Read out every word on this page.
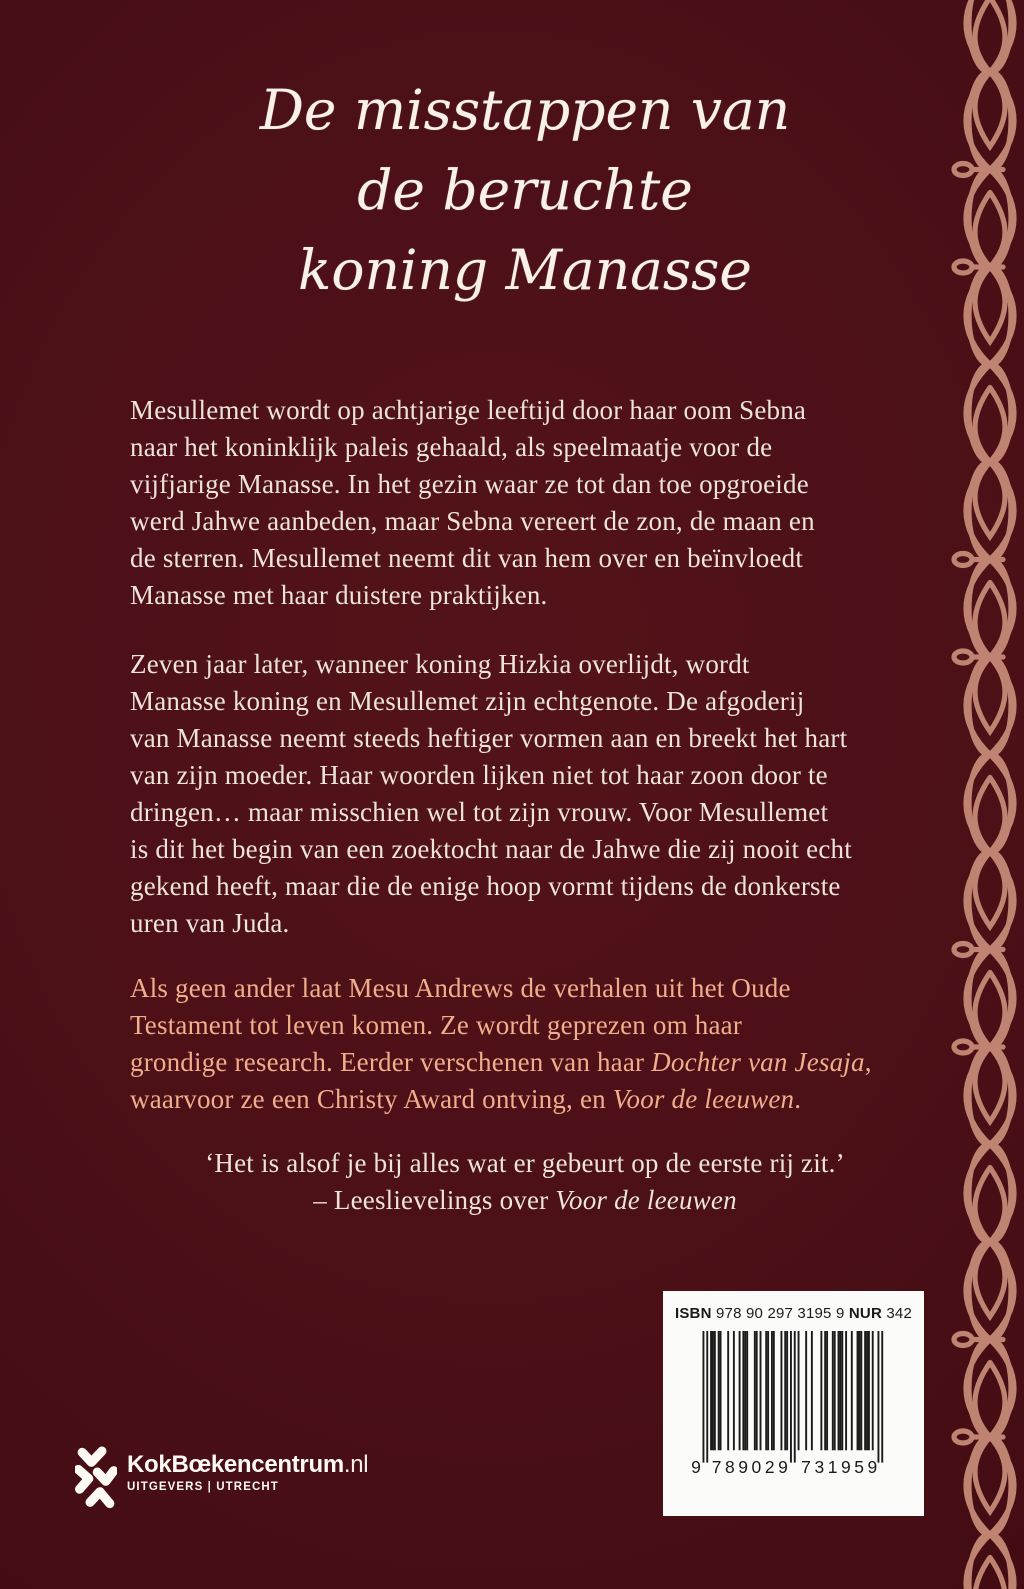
De misstappen van
de beruchte
koning Manasse
Mesullemet wordt op achtjarige leeftijd door haar oom Sebna
naar het koninklijk paleis gehaald, als speelmaatje voor de
vijfjarige Manasse. In het gezin waar ze tot dan toe opgroeide
werd Jahwe aanbeden, maar Sebna vereert de zon, de maan en
de sterren. Mesullemet neemt dit van hem over en beïnvloedt
Manasse met haar duistere praktijken.
Zeven jaar later, wanneer koning Hizkia overlijdt, wordt
Manasse koning en Mesullemet zijn echtgenote. De afgoderij
van Manasse neemt steeds heftiger vormen aan en breekt het hart
van zijn moeder. Haar woorden lijken niet tot haar zoon door te
dringen… maar misschien wel tot zijn vrouw. Voor Mesullemet
is dit het begin van een zoektocht naar de Jahwe die zij nooit echt
gekend heeft, maar die de enige hoop vormt tijdens de donkerste
uren van Juda.
Als geen ander laat Mesu Andrews de verhalen uit het Oude
Testament tot leven komen. Ze wordt geprezen om haar
grondige research. Eerder verschenen van haar Dochter van Jesaja,
waarvoor ze een Christy Award ontving, en Voor de leeuwen.
‘Het is alsof je bij alles wat er gebeurt op de eerste rij zit.’
– Leeslievelings over Voor de leeuwen
ISBN 978 90 297 3195 9 NUR 342
9 789029 731959
KokBœkencentrum.nl
UITGEVERS | UTRECHT
